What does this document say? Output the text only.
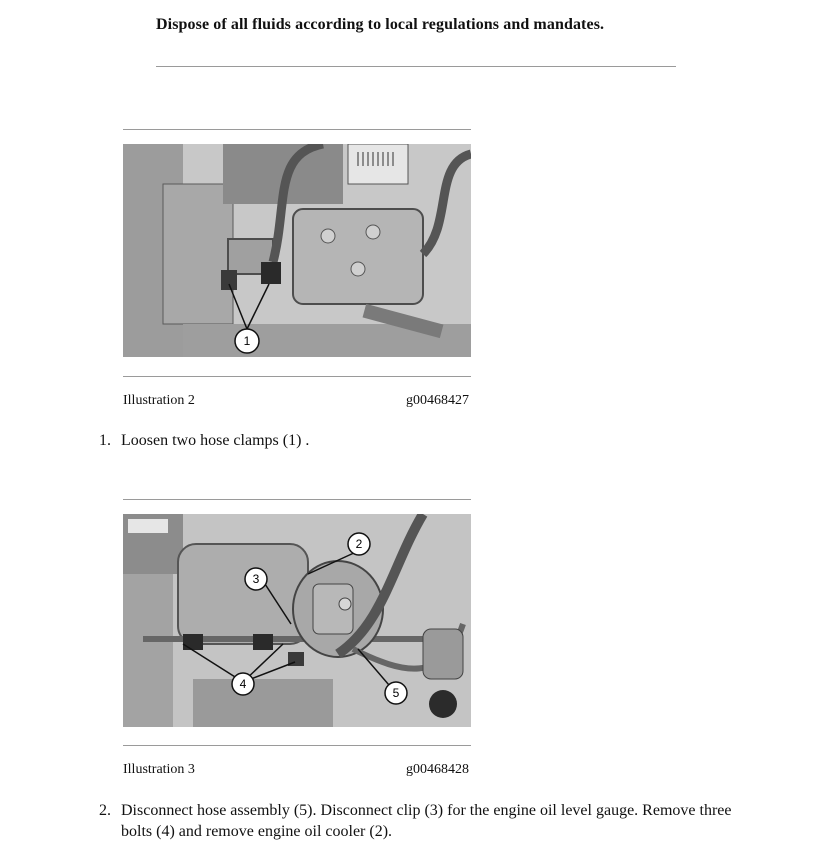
Dispose of all fluids according to local regulations and mandates.
1
Illustration 2	g00468427
1. Loosen two hose clamps (1) .
2
3
4
5
Illustration 3	g00468428
2. Disconnect hose assembly (5). Disconnect clip (3) for the engine oil level gauge. Remove three bolts (4) and remove engine oil cooler (2).
